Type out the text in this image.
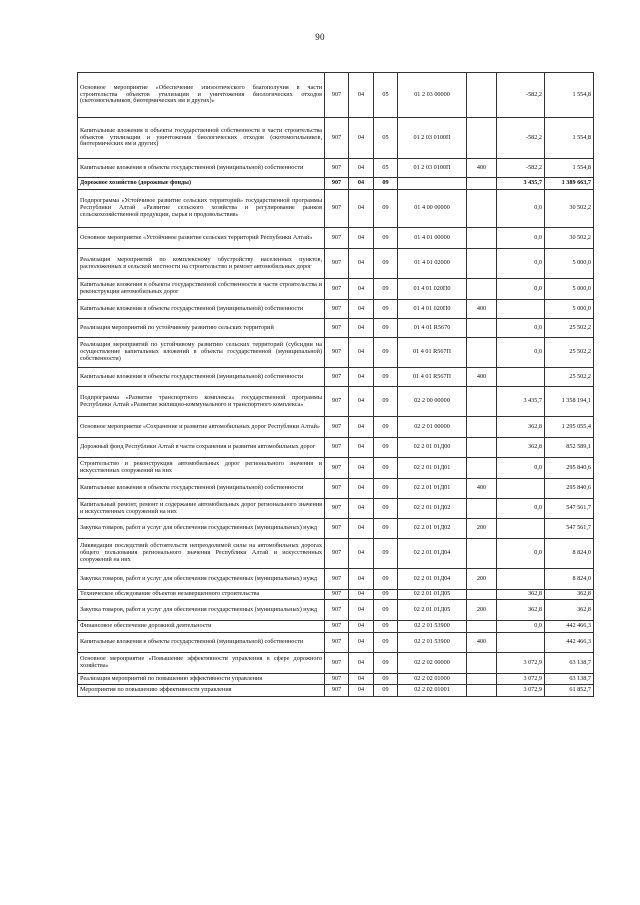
90
Основное мероприятие «Обеспечение эпизоотического благополучия в части строительства объектов утилизации и уничтожения биологических отходов (скотомогильников, биотермических ям и других)»	907	04	05	01 2 03 00000		-582,2	1 554,8
Капитальные вложения в объекты государственной собственности в части строительства объектов утилизации и уничтожения биологических отходов (скотомогильников, биотермических ям и других)	907	04	05	01 2 03 0100П		-582,2	1 554,8
Капитальные вложения в объекты государственной (муниципальной) собственности	907	04	05	01 2 03 0100П	400	-582,2	1 554,8
Дорожное хозяйство (дорожные фонды)	907	04	09			3 435,7	1 389 663,7
Подпрограмма «Устойчивое развитие сельских территорий» государственной программы Республики Алтай «Развитие сельского хозяйства и регулирование рынков сельскохозяйственной продукции, сырья и продовольствия»	907	04	09	01 4 00 00000		0,0	30 502,2
Основное мероприятие «Устойчивое развитие сельских территорий Республики Алтай»	907	04	09	01 4 01 00000		0,0	30 502,2
Реализация мероприятий по комплексному обустройству населенных пунктов, расположенных в сельской местности на строительство и ремонт автомобильных дорог	907	04	09	01 4 01 02000		0,0	5 000,0
Капитальные вложения в объекты государственной собственности в части строительства и реконструкции автомобильных дорог	907	04	09	01 4 01 020П0		0,0	5 000,0
Капитальные вложения в объекты государственной (муниципальной) собственности	907	04	09	01 4 01 020П0	400		5 000,0
Реализация мероприятий по устойчивому развитию сельских территорий	907	04	09	01 4 01 R5670		0,0	25 502,2
Реализация мероприятий по устойчивому развитию сельских территорий (субсидии на осуществление капитальных вложений в объекты государственной (муниципальной) собственности)	907	04	09	01 4 01 R567П		0,0	25 502,2
Капитальные вложения в объекты государственной (муниципальной) собственности	907	04	09	01 4 01 R567П	400		25 502,2
Подпрограмма «Развитие транспортного комплекса» государственной программы Республики Алтай «Развитие жилищно-коммунального и транспортного комплекса»	907	04	09	02 2 00 00000		3 435,7	1 358 194,1
Основное мероприятие «Сохранение и развитие автомобильных дорог Республики Алтай»	907	04	09	02 2 01 00000		362,8	1 295 055,4
Дорожный фонд Республики Алтай в части сохранения и развития автомобильных дорог	907	04	09	02 2 01 01Д00		362,8	852 589,1
Строительство и реконструкция автомобильных дорог регионального значения и искусственных сооружений на них	907	04	09	02 2 01 01Д01		0,0	295 840,6
Капитальные вложения в объекты государственной (муниципальной) собственности	907	04	09	02 2 01 01Д01	400		295 840,6
Капитальный ремонт, ремонт и содержание автомобильных дорог регионального значения и искусственных сооружений на них	907	04	09	02 2 01 01Д02		0,0	547 561,7
Закупка товаров, работ и услуг для обеспечения государственных (муниципальных) нужд	907	04	09	02 2 01 01Д02	200		547 561,7
Ликвидация последствий обстоятельств непреодолимой силы на автомобильных дорогах общего пользования регионального значения Республики Алтай и искусственных сооружений на них	907	04	09	02 2 01 01Д04		0,0	8 824,0
Закупка товаров, работ и услуг для обеспечения государственных (муниципальных) нужд	907	04	09	02 2 01 01Д04	200		8 824,0
Техническое обследование объектов незавершенного строительства	907	04	09	02 2 01 01Д05		362,8	362,8
Закупка товаров, работ и услуг для обеспечения государственных (муниципальных) нужд	907	04	09	02 2 01 01Д05	200	362,8	362,8
Финансовое обеспечение дорожной деятельности	907	04	09	02 2 01 53900		0,0	442 466,3
Капитальные вложения в объекты государственной (муниципальной) собственности	907	04	09	02 2 01 53900	400		442 466,3
Основное мероприятие «Повышение эффективности управления в сфере дорожного хозяйства»	907	04	09	02 2 02 00000		3 072,9	63 138,7
Реализация мероприятий по повышению эффективности управления	907	04	09	02 2 02 01000		3 072,9	63 138,7
Мероприятия по повышению эффективности управления	907	04	09	02 2 02 01001		3 072,9	61 852,7
